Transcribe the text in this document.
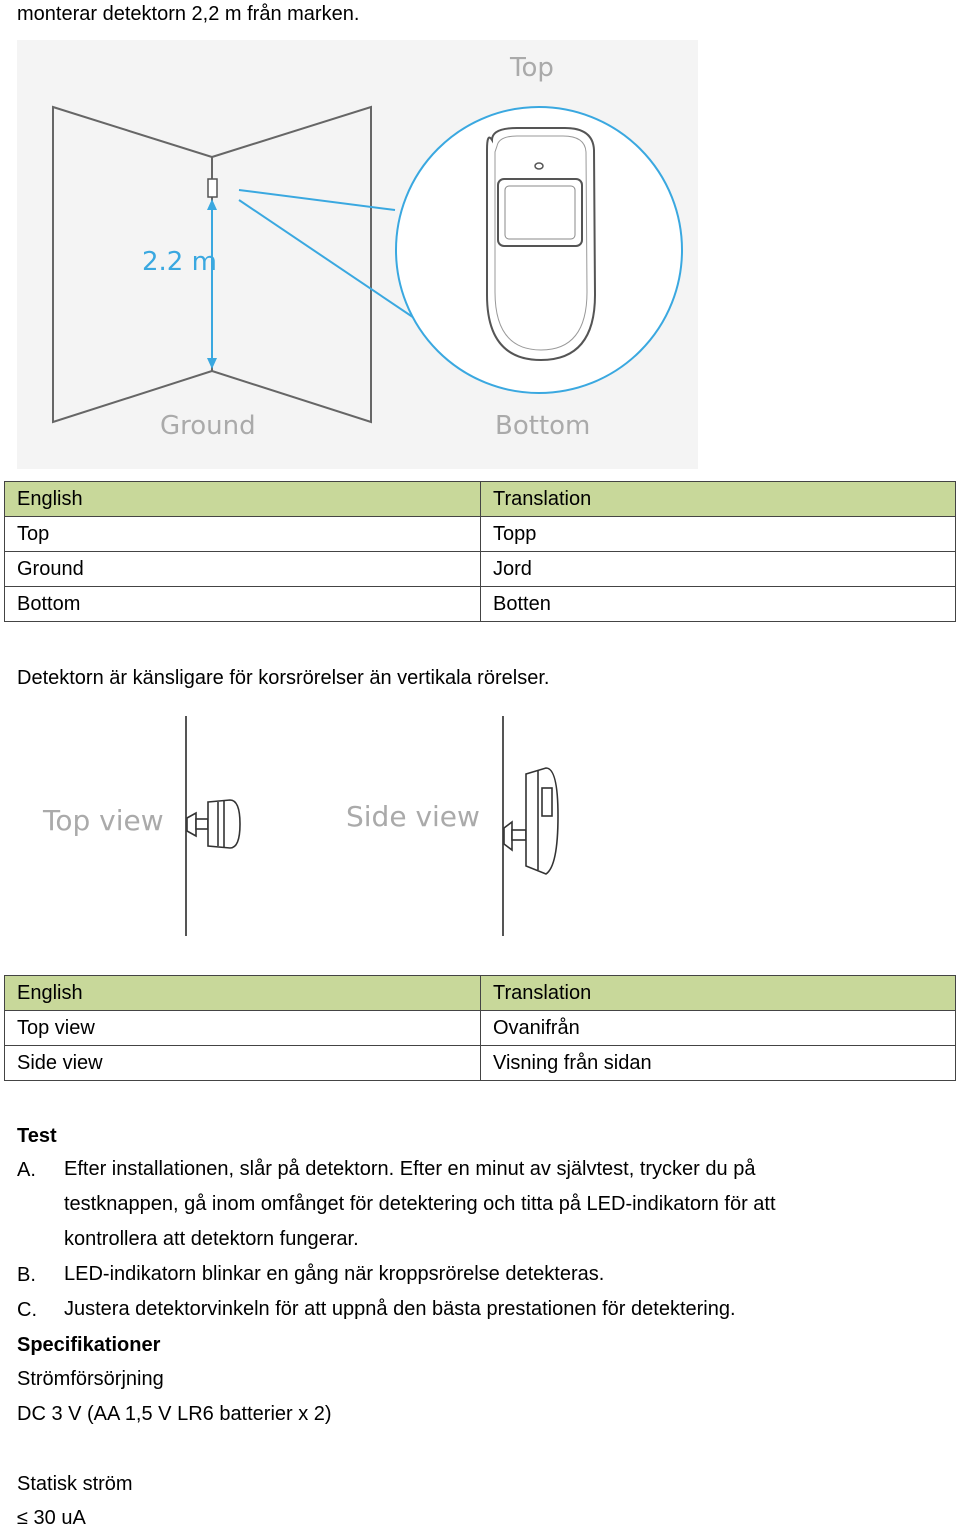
monterar detektorn 2,2 m från marken.
2.2 m
Top
Ground	Bottom
English	Translation
Top	Topp
Ground	Jord
Bottom	Botten
Detektorn är känsligare för korsrörelser än vertikala rörelser.
Top view	Side view
English	Translation
Top view	Ovanifrån
Side view	Visning från sidan
Test
A. Efter installationen, slår på detektorn. Efter en minut av självtest, trycker du på
testknappen, gå inom omfånget för detektering och titta på LED-indikatorn för att
kontrollera att detektorn fungerar.
B. LED-indikatorn blinkar en gång när kroppsrörelse detekteras.
C. Justera detektorvinkeln för att uppnå den bästa prestationen för detektering.
Specifikationer
Strömförsörjning
DC 3 V (AA 1,5 V LR6 batterier x 2)
Statisk ström
≤ 30 uA
